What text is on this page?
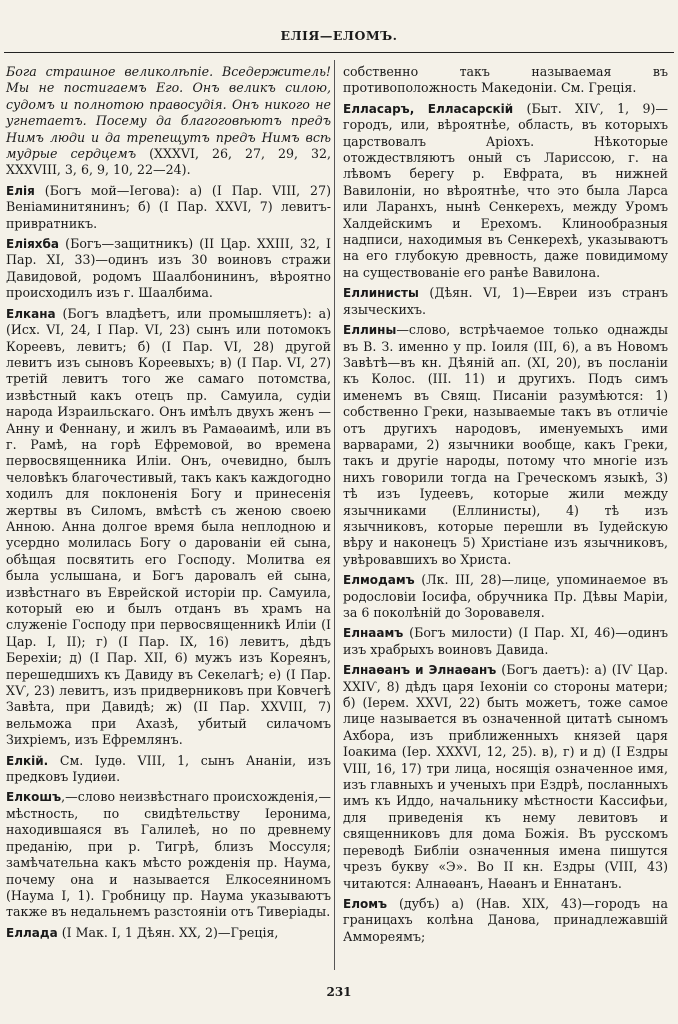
ЕЛІЯ—ЕЛОМЪ.

Бога страшное великолѣпіе. Вседержитель! Мы не постигаемъ Его. Онъ великъ силою, судомъ и полнотою правосудія. Онъ никого не угнетаетъ. Посему да благоговѣютъ предъ Нимъ люди и да трепещутъ предъ Нимъ всѣ мудрые сердцемъ (XXXVІ, 26, 27, 29, 32, XXXVІІІ, 3, 6, 9, 10, 22—24).

Елія (Богъ мой—Іегова): а) (І Пар. VІІІ, 27) Веніаминитянинъ; б) (І Пар. XXVІ, 7) левитъ-привратникъ.

Еліяхба (Богъ—защитникъ) (II Цар. XXIII, 32, I Пар. XI, 33)—одинъ изъ 30 воиновъ стражи Давидовой, родомъ Шаалбонининъ, вѣроятно происходилъ изъ г. Шаалбима.

Елкана (Богъ владѣетъ, или промышляетъ): а) (Исх. VІ, 24, І Пар. VІ, 23) сынъ или потомокъ Кореевъ, левитъ; б) (І Пар. VІ, 28) другой левитъ изъ сыновъ Кореевыхъ; в) (І Пар. VІ, 27) третій левитъ того же самаго потомства, извѣстный какъ отецъ пр. Самуила, судіи народа Израильскаго. Онъ имѣлъ двухъ женъ — Анну и Феннану, и жилъ въ Рамаѳаимѣ, или въ г. Рамѣ, на горѣ Ефремовой, во времена первосвященника Иліи. Онъ, очевидно, былъ человѣкъ благочестивый, такъ какъ каждогодно ходилъ для поклоненія Богу и принесенія жертвы въ Силомъ, вмѣстѣ съ женою своею Анною. Анна долгое время была неплодною и усердно молилась Богу о дарованіи ей сына, обѣщая посвятить его Господу. Молитва ея была услышана, и Богъ даровалъ ей сына, извѣстнаго въ Еврейской исторіи пр. Самуила, который ею и былъ отданъ въ храмъ на служеніе Господу при первосвященникѣ Иліи (І Цар. І, ІІ); г) (І Пар. ІХ, 16) левитъ, дѣдъ Берехіи; д) (І Пар. ХІІ, 6) мужъ изъ Кореянъ, перешедшихъ къ Давиду въ Секелагѣ; е) (І Пар. ХѴ, 23) левитъ, изъ придверниковъ при Ковчегѣ Завѣта, при Давидѣ; ж) (II Пар. XXVІІІ, 7) вельможа при Ахазѣ, убитый силачомъ Зихріемъ, изъ Ефремлянъ.

Елкій. См. Іудѳ. VІІІ, 1, сынъ Ананіи, изъ предковъ Іудиѳи.

Елкошъ,—слово неизвѣстнаго происхожденія,—мѣстность, по свидѣтельству Іеронима, находившаяся въ Галилеѣ, но по древнему преданію, при р. Тигрѣ, близъ Моссуля; замѣчательна какъ мѣсто рожденія пр. Наума, почему она и называется Елкосеяниномъ (Наума І, 1). Гробницу пр. Наума указываютъ также въ недальнемъ разстояніи отъ Тиверіады.

Еллада (І Мак. І, 1 Дѣян. ХХ, 2)—Греція,

собственно такъ называемая въ противоположность Македоніи. См. Греція.

Елласаръ, Елласарскій (Быт. XIѴ, 1, 9)—городъ, или, вѣроятнѣе, область, въ которыхъ царствовалъ Аріохъ. Нѣкоторые отождествляютъ оный съ Лариссою, г. на лѣвомъ берегу р. Евфрата, въ нижней Вавилоніи, но вѣроятнѣе, что это была Ларса или Ларанхъ, нынѣ Сенкерехъ, между Уромъ Халдейскимъ и Ерехомъ. Клинообразныя надписи, находимыя въ Сенкерехѣ, указываютъ на его глубокую древность, даже повидимому на существованіе его ранѣе Вавилона.

Еллинисты (Дѣян. VІ, 1)—Евреи изъ странъ языческихъ.

Еллины—слово, встрѣчаемое только однажды въ В. З. именно у пр. Іоиля (ІІІ, 6), а въ Новомъ Завѣтѣ—въ кн. Дѣяній ап. (ХІ, 20), въ посланіи къ Колос. (ІІІ. 11) и другихъ. Подъ симъ именемъ въ Свящ. Писаніи разумѣются: 1) собственно Греки, называемые такъ въ отличіе отъ другихъ народовъ, именуемыхъ ими варварами, 2) язычники вообще, какъ Греки, такъ и другіе народы, потому что многіе изъ нихъ говорили тогда на Греческомъ языкѣ, 3) тѣ изъ Іудеевъ, которые жили между язычниками (Еллинисты), 4) тѣ изъ язычниковъ, которые перешли въ Іудейскую вѣру и наконецъ 5) Христіане изъ язычниковъ, увѣровавшихъ во Христа.

Елмодамъ (Лк. III, 28)—лице, упоминаемое въ родословіи Іосифа, обручника Пр. Дѣвы Маріи, за 6 поколѣній до Зоровавеля.

Елнаамъ (Богъ милости) (І Пар. ХІ, 46)—одинъ изъ храбрыхъ воиновъ Давида.

Елнаѳанъ и Элнаѳанъ (Богъ даетъ): а) (ІѴ Цар. XXIѴ, 8) дѣдъ царя Іехоніи со стороны матери; б) (Іерем. XXVІ, 22) быть можетъ, тоже самое лице называется въ означенной цитатѣ сыномъ Ахбора, изъ приближенныхъ князей царя Іоакима (Іер. XXXVІ, 12, 25). в), г) и д) (І Ездры VІІІ, 16, 17) три лица, носящія означенное имя, изъ главныхъ и ученыхъ при Ездрѣ, посланныхъ имъ къ Иддо, начальнику мѣстности Кассифьи, для приведенія къ нему левитовъ и священниковъ для дома Божія. Въ русскомъ переводѣ Библіи означенныя имена пишутся чрезъ букву «Э». Во II кн. Ездры (VІІІ, 43) читаются: Алнаѳанъ, Наѳанъ и Еннатанъ.

Еломъ (дубъ) а) (Нав. ХІХ, 43)—городъ на границахъ колѣна Данова, принадлежавшій Аммореямъ;

231
